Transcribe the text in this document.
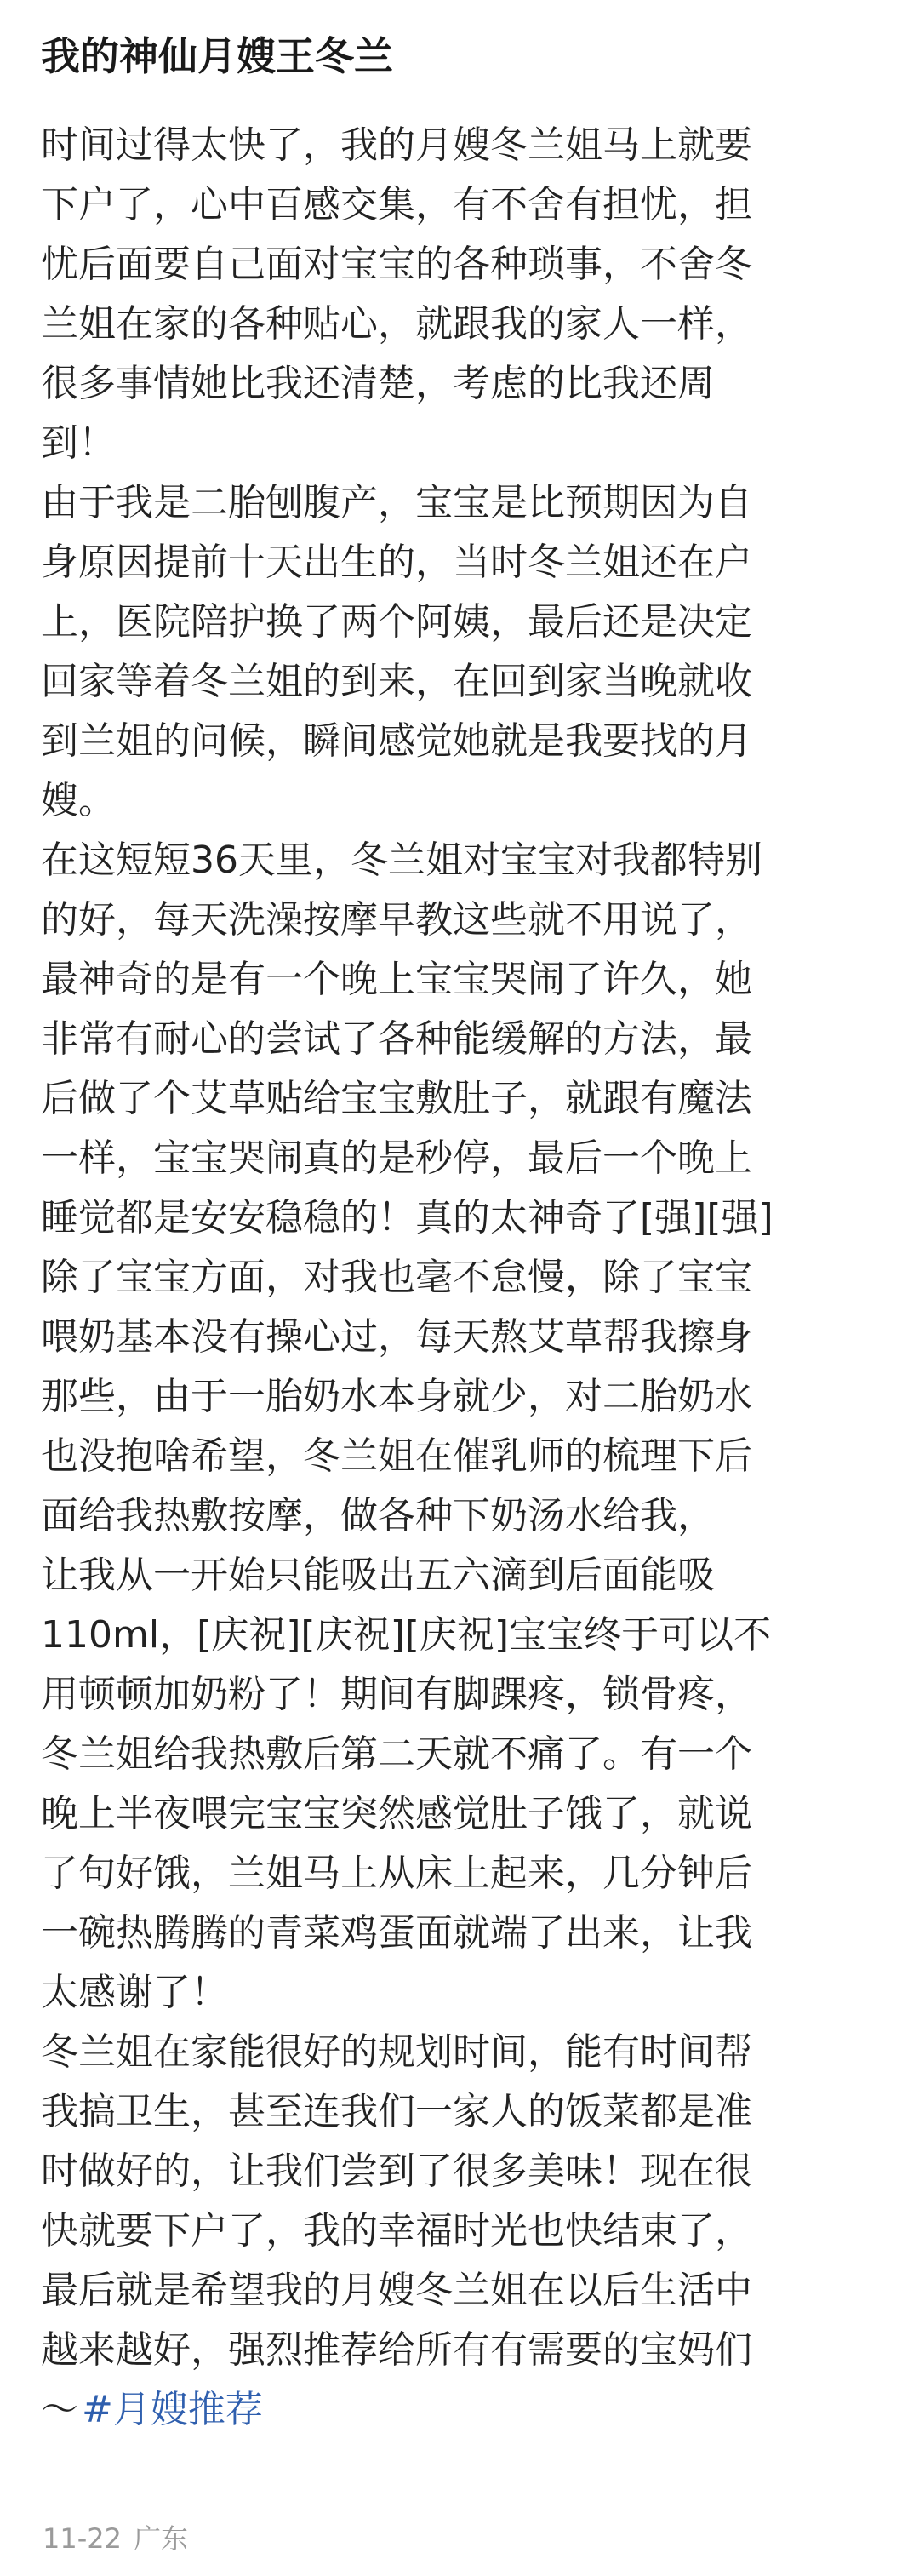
我的神仙月嫂王冬兰
时间过得太快了，我的月嫂冬兰姐马上就要
下户了，心中百感交集，有不舍有担忧，担
忧后面要自己面对宝宝的各种琐事，不舍冬
兰姐在家的各种贴心，就跟我的家人一样，
很多事情她比我还清楚，考虑的比我还周
到！
由于我是二胎刨腹产，宝宝是比预期因为自
身原因提前十天出生的，当时冬兰姐还在户
上，医院陪护换了两个阿姨，最后还是决定
回家等着冬兰姐的到来，在回到家当晚就收
到兰姐的问候，瞬间感觉她就是我要找的月
嫂。
在这短短36天里，冬兰姐对宝宝对我都特别
的好，每天洗澡按摩早教这些就不用说了，
最神奇的是有一个晚上宝宝哭闹了许久，她
非常有耐心的尝试了各种能缓解的方法，最
后做了个艾草贴给宝宝敷肚子，就跟有魔法
一样，宝宝哭闹真的是秒停，最后一个晚上
睡觉都是安安稳稳的！真的太神奇了[强][强]
除了宝宝方面，对我也毫不怠慢，除了宝宝
喂奶基本没有操心过，每天熬艾草帮我擦身
那些，由于一胎奶水本身就少，对二胎奶水
也没抱啥希望，冬兰姐在催乳师的梳理下后
面给我热敷按摩，做各种下奶汤水给我，
让我从一开始只能吸出五六滴到后面能吸
110ml，[庆祝][庆祝][庆祝]宝宝终于可以不
用顿顿加奶粉了！期间有脚踝疼，锁骨疼，
冬兰姐给我热敷后第二天就不痛了。有一个
晚上半夜喂完宝宝突然感觉肚子饿了，就说
了句好饿，兰姐马上从床上起来，几分钟后
一碗热腾腾的青菜鸡蛋面就端了出来，让我
太感谢了！
冬兰姐在家能很好的规划时间，能有时间帮
我搞卫生，甚至连我们一家人的饭菜都是准
时做好的，让我们尝到了很多美味！现在很
快就要下户了，我的幸福时光也快结束了，
最后就是希望我的月嫂冬兰姐在以后生活中
越来越好，强烈推荐给所有有需要的宝妈们
～ #月嫂推荐
11-22 广东
